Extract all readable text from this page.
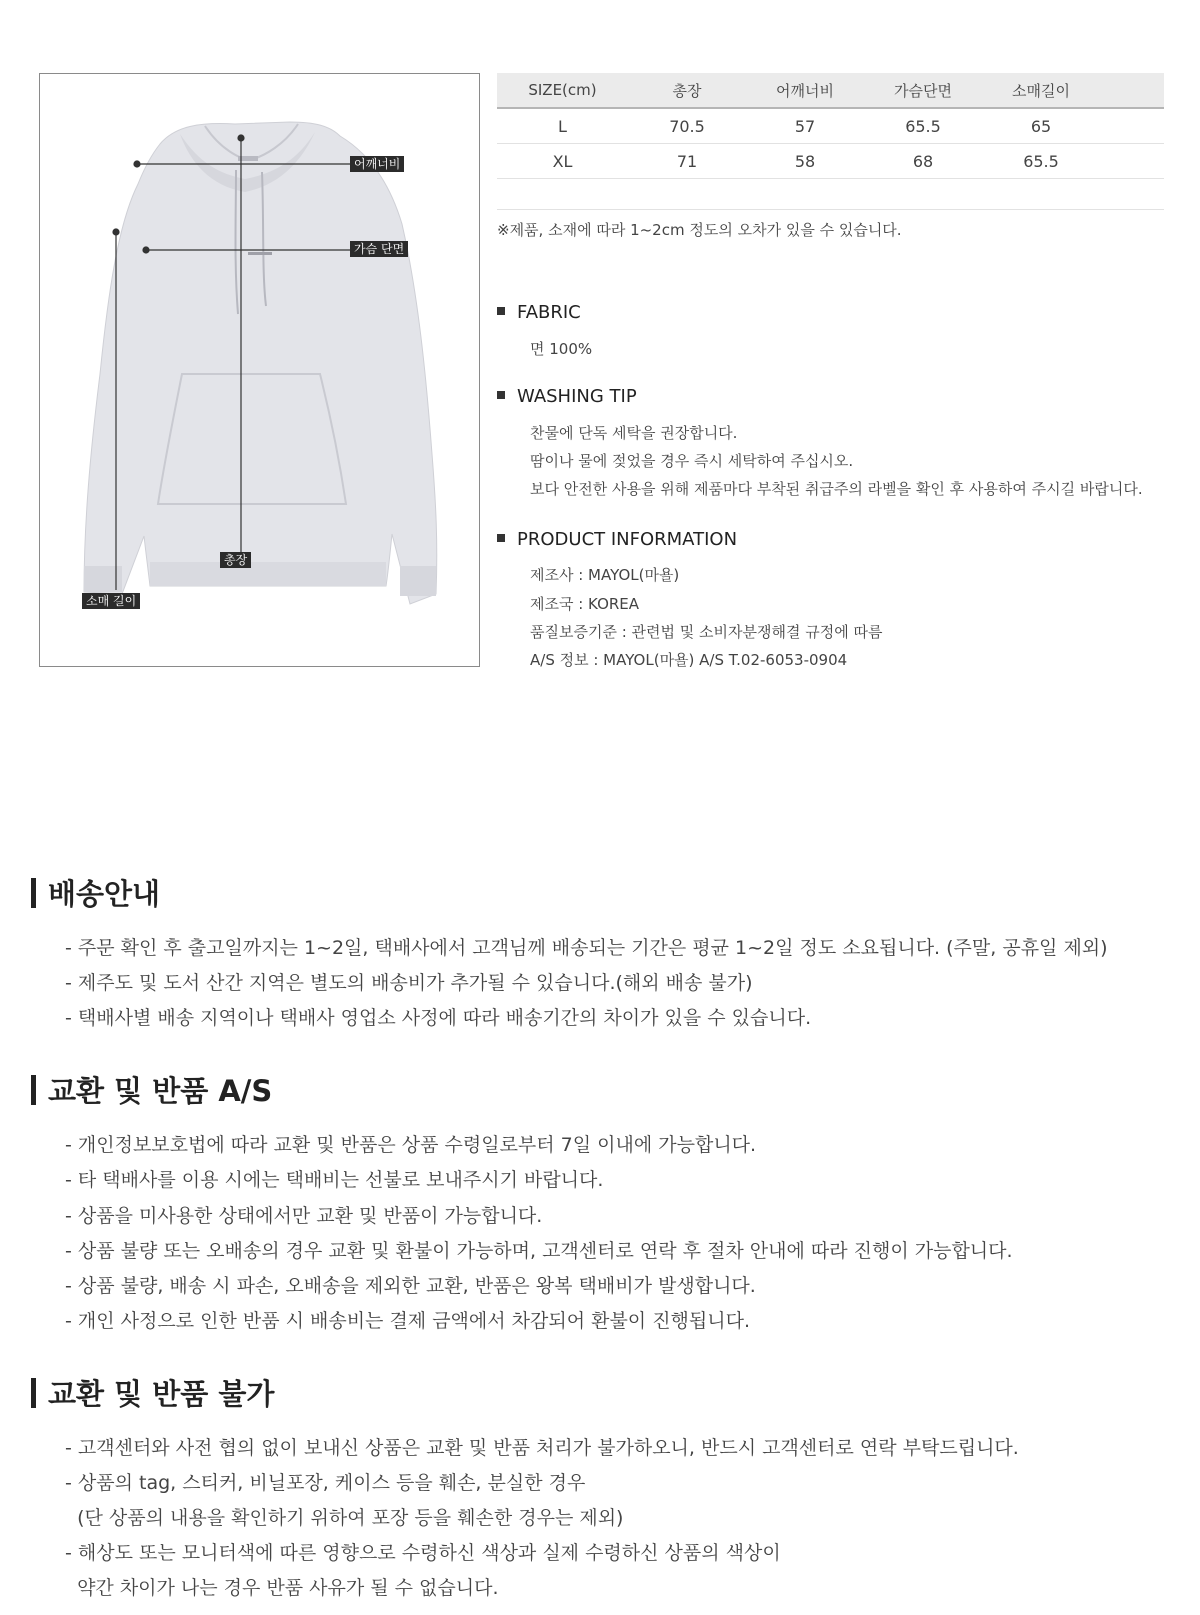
어깨너비
가슴 단면
총장
소매 길이
SIZE(cm)	총장	어깨너비	가슴단면	소매길이	
L	70.5	57	65.5	65	
XL	71	58	68	65.5	
※제품, 소재에 따라 1~2cm 정도의 오차가 있을 수 있습니다.
FABRIC
면 100%
WASHING TIP
찬물에 단독 세탁을 권장합니다.
땀이나 물에 젖었을 경우 즉시 세탁하여 주십시오.
보다 안전한 사용을 위해 제품마다 부착된 취급주의 라벨을 확인 후 사용하여 주시길 바랍니다.
PRODUCT INFORMATION
제조사 : MAYOL(마욜)
제조국 : KOREA
품질보증기준 : 관련법 및 소비자분쟁해결 규정에 따름
A/S 정보 : MAYOL(마욜) A/S T.02-6053-0904
배송안내
- 주문 확인 후 출고일까지는 1~2일, 택배사에서 고객님께 배송되는 기간은 평균 1~2일 정도 소요됩니다. (주말, 공휴일 제외)
- 제주도 및 도서 산간 지역은 별도의 배송비가 추가될 수 있습니다.(해외 배송 불가)
- 택배사별 배송 지역이나 택배사 영업소 사정에 따라 배송기간의 차이가 있을 수 있습니다.
교환 및 반품 A/S
- 개인정보보호법에 따라 교환 및 반품은 상품 수령일로부터 7일 이내에 가능합니다.
- 타 택배사를 이용 시에는 택배비는 선불로 보내주시기 바랍니다.
- 상품을 미사용한 상태에서만 교환 및 반품이 가능합니다.
- 상품 불량 또는 오배송의 경우 교환 및 환불이 가능하며, 고객센터로 연락 후 절차 안내에 따라 진행이 가능합니다.
- 상품 불량, 배송 시 파손, 오배송을 제외한 교환, 반품은 왕복 택배비가 발생합니다.
- 개인 사정으로 인한 반품 시 배송비는 결제 금액에서 차감되어 환불이 진행됩니다.
교환 및 반품 불가
- 고객센터와 사전 협의 없이 보내신 상품은 교환 및 반품 처리가 불가하오니, 반드시 고객센터로 연락 부탁드립니다.
- 상품의 tag, 스티커, 비닐포장, 케이스 등을 훼손, 분실한 경우
(단 상품의 내용을 확인하기 위하여 포장 등을 훼손한 경우는 제외)
- 해상도 또는 모니터색에 따른 영향으로 수령하신 색상과 실제 수령하신 상품의 색상이
약간 차이가 나는 경우 반품 사유가 될 수 없습니다.
